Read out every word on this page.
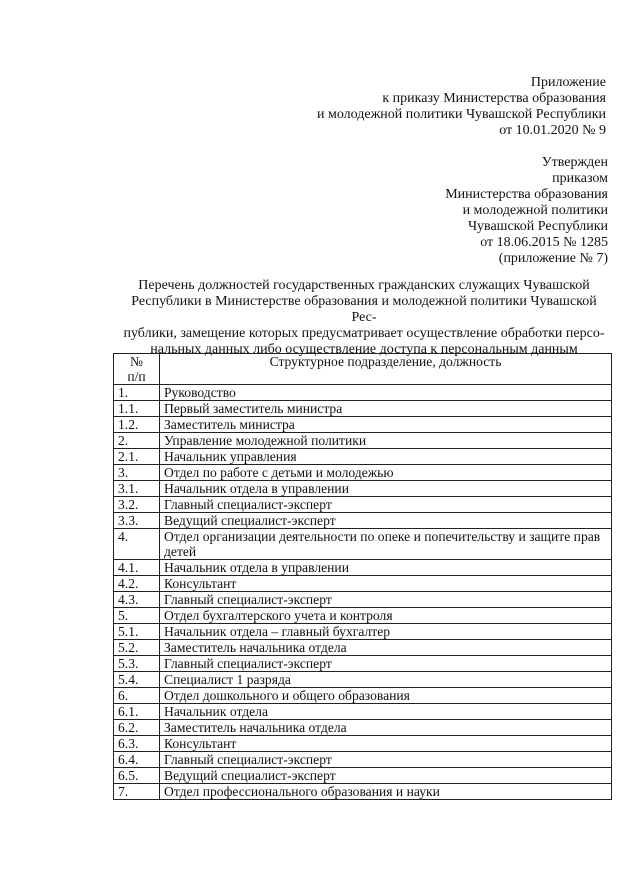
Приложение
к приказу Министерства образования
и молодежной политики Чувашской Республики
от 10.01.2020 № 9
Утвержден
приказом
Министерства образования
и молодежной политики
Чувашской Республики
от 18.06.2015 № 1285
(приложение № 7)
Перечень должностей государственных гражданских служащих Чувашской
Республики в Министерстве образования и молодежной политики Чувашской Рес-
публики, замещение которых предусматривает осуществление обработки персо-
нальных данных либо осуществление доступа к персональным данным
№
п/п	Структурное подразделение, должность
1.	Руководство
1.1.	Первый заместитель министра
1.2.	Заместитель министра
2.	Управление молодежной политики
2.1.	Начальник управления
3.	Отдел по работе с детьми и молодежью
3.1.	Начальник отдела в управлении
3.2.	Главный специалист-эксперт
3.3.	Ведущий специалист-эксперт
4.	Отдел организации деятельности по опеке и попечительству и защите прав детей
4.1.	Начальник отдела в управлении
4.2.	Консультант
4.3.	Главный специалист-эксперт
5.	Отдел бухгалтерского учета и контроля
5.1.	Начальник отдела – главный бухгалтер
5.2.	Заместитель начальника отдела
5.3.	Главный специалист-эксперт
5.4.	Специалист 1 разряда
6.	Отдел дошкольного и общего образования
6.1.	Начальник отдела
6.2.	Заместитель начальника отдела
6.3.	Консультант
6.4.	Главный специалист-эксперт
6.5.	Ведущий специалист-эксперт
7.	Отдел профессионального образования и науки
